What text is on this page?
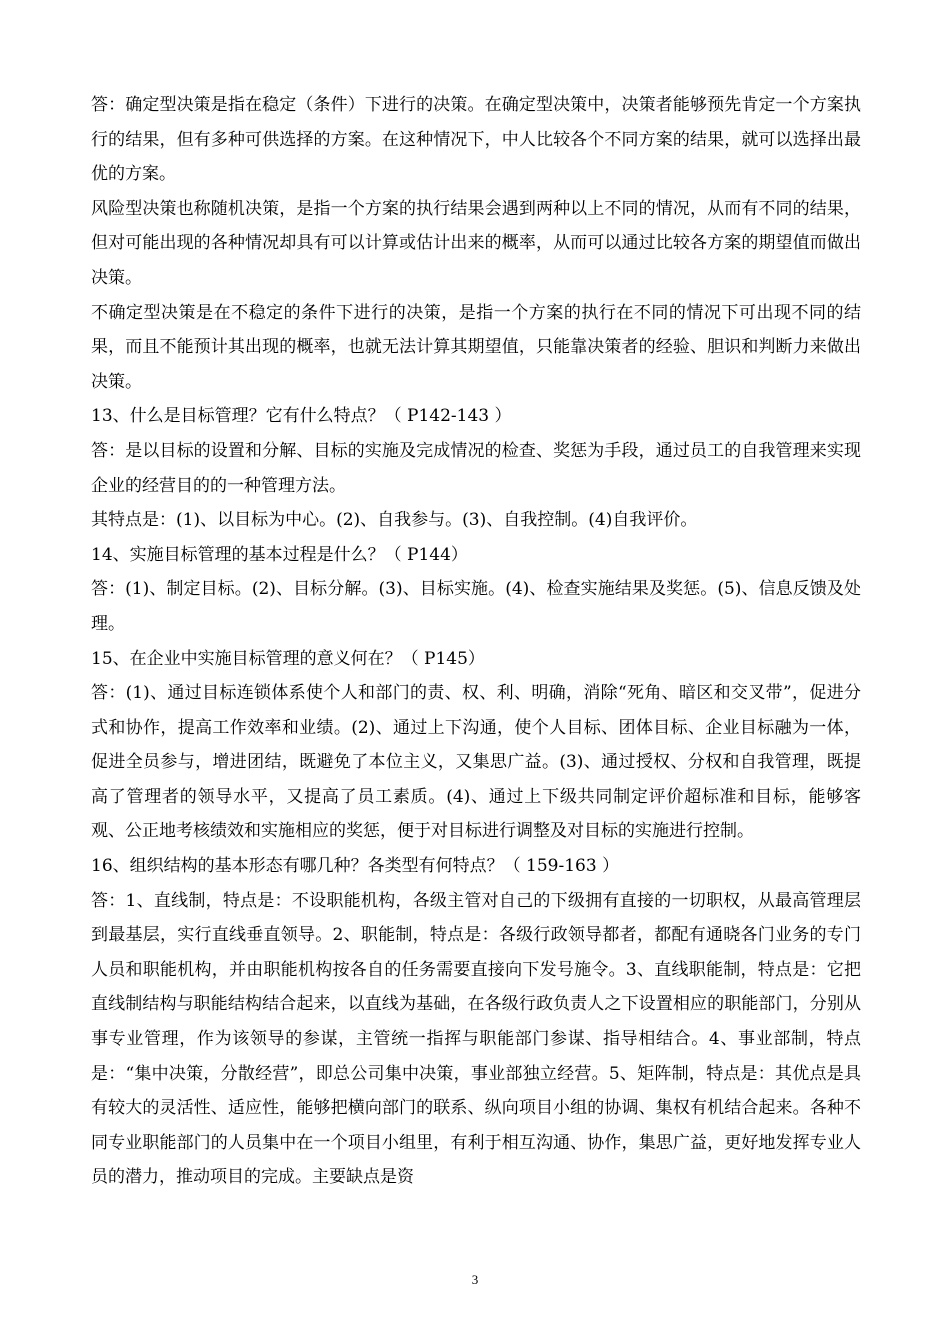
答：确定型决策是指在稳定（条件）下进行的决策。在确定型决策中，决策者能够预先肯定一个方案执行的结果，但有多种可供选择的方案。在这种情况下，中人比较各个不同方案的结果，就可以选择出最优的方案。

风险型决策也称随机决策，是指一个方案的执行结果会遇到两种以上不同的情况，从而有不同的结果，但对可能出现的各种情况却具有可以计算或估计出来的概率，从而可以通过比较各方案的期望值而做出决策。

不确定型决策是在不稳定的条件下进行的决策，是指一个方案的执行在不同的情况下可出现不同的结果，而且不能预计其出现的概率，也就无法计算其期望值，只能靠决策者的经验、胆识和判断力来做出决策。

13、什么是目标管理？它有什么特点？（ P142-143 ）

答：是以目标的设置和分解、目标的实施及完成情况的检查、奖惩为手段，通过员工的自我管理来实现企业的经营目的的一种管理方法。

其特点是：(1)、以目标为中心。(2)、自我参与。(3)、自我控制。(4)自我评价。

14、实施目标管理的基本过程是什么？（ P144）

答：(1)、制定目标。(2)、目标分解。(3)、目标实施。(4)、检查实施结果及奖惩。(5)、信息反馈及处理。

15、在企业中实施目标管理的意义何在？（ P145）

答：(1)、通过目标连锁体系使个人和部门的责、权、利、明确，消除“死角、暗区和交叉带”，促进分式和协作，提高工作效率和业绩。(2)、通过上下沟通，使个人目标、团体目标、企业目标融为一体，促进全员参与，增进团结，既避免了本位主义，又集思广益。(3)、通过授权、分权和自我管理，既提高了管理者的领导水平，又提高了员工素质。(4)、通过上下级共同制定评价超标准和目标，能够客观、公正地考核绩效和实施相应的奖惩，便于对目标进行调整及对目标的实施进行控制。

16、组织结构的基本形态有哪几种？各类型有何特点？（ 159-163 ）

答：1、直线制，特点是：不设职能机构，各级主管对自己的下级拥有直接的一切职权，从最高管理层到最基层，实行直线垂直领导。2、职能制，特点是：各级行政领导都者，都配有通晓各门业务的专门人员和职能机构，并由职能机构按各自的任务需要直接向下发号施令。3、直线职能制，特点是：它把直线制结构与职能结构结合起来，以直线为基础，在各级行政负责人之下设置相应的职能部门，分别从事专业管理，作为该领导的参谋，主管统一指挥与职能部门参谋、指导相结合。4、事业部制，特点是：“集中决策，分散经营”，即总公司集中决策，事业部独立经营。5、矩阵制，特点是：其优点是具有较大的灵活性、适应性，能够把横向部门的联系、纵向项目小组的协调、集权有机结合起来。各种不同专业职能部门的人员集中在一个项目小组里，有利于相互沟通、协作，集思广益，更好地发挥专业人员的潜力，推动项目的完成。主要缺点是资

3
